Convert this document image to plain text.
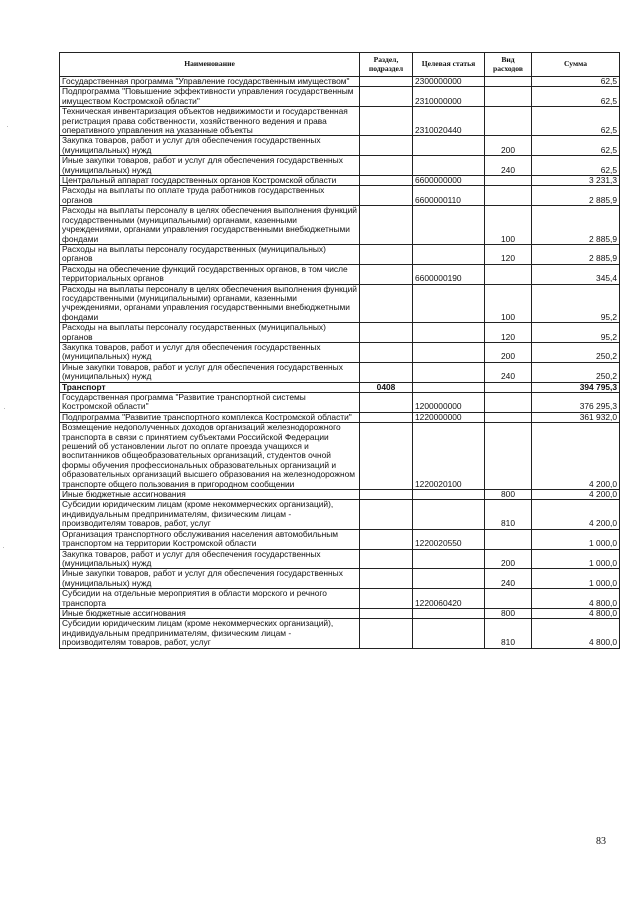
Наименование	Раздел, подраздел	Целевая статья	Вид расходов	Сумма
Государственная программа "Управление государственным имуществом"		2300000000		62,5
Подпрограмма "Повышение эффективности управления государственным имуществом Костромской области"		2310000000		62,5
Техническая инвентаризация объектов недвижимости и государственная регистрация права собственности, хозяйственного ведения и права оперативного управления на указанные объекты		2310020440		62,5
Закупка товаров, работ и услуг для обеспечения государственных (муниципальных) нужд			200	62,5
Иные закупки товаров, работ и услуг для обеспечения государственных (муниципальных) нужд			240	62,5
Центральный аппарат государственных органов Костромской области		6600000000		3 231,3
Расходы на выплаты по оплате труда работников государственных органов		6600000110		2 885,9
Расходы на выплаты персоналу в целях обеспечения выполнения функций государственными (муниципальными) органами, казенными учреждениями, органами управления государственными внебюджетными фондами			100	2 885,9
Расходы на выплаты персоналу государственных (муниципальных) органов			120	2 885,9
Расходы на обеспечение функций государственных органов, в том числе территориальных органов		6600000190		345,4
Расходы на выплаты персоналу в целях обеспечения выполнения функций государственными (муниципальными) органами, казенными учреждениями, органами управления государственными внебюджетными фондами			100	95,2
Расходы на выплаты персоналу государственных (муниципальных) органов			120	95,2
Закупка товаров, работ и услуг для обеспечения государственных (муниципальных) нужд			200	250,2
Иные закупки товаров, работ и услуг для обеспечения государственных (муниципальных) нужд			240	250,2
Транспорт	0408			394 795,3
Государственная программа "Развитие транспортной системы Костромской области"		1200000000		376 295,3
Подпрограмма "Развитие транспортного комплекса Костромской области"		1220000000		361 932,0
Возмещение недополученных доходов организаций железнодорожного транспорта в связи с принятием субъектами Российской Федерации решений об установлении льгот по оплате проезда учащихся и воспитанников общеобразовательных организаций, студентов очной формы обучения профессиональных образовательных организаций и образовательных организаций высшего образования на железнодорожном транспорте общего пользования в пригородном сообщении		1220020100		4 200,0
Иные бюджетные ассигнования			800	4 200,0
Субсидии юридическим лицам (кроме некоммерческих организаций), индивидуальным предпринимателям, физическим лицам - производителям товаров, работ, услуг			810	4 200,0
Организация транспортного обслуживания населения автомобильным транспортом на территории Костромской области		1220020550		1 000,0
Закупка товаров, работ и услуг для обеспечения государственных (муниципальных) нужд			200	1 000,0
Иные закупки товаров, работ и услуг для обеспечения государственных (муниципальных) нужд			240	1 000,0
Субсидии на отдельные мероприятия в области морского и речного транспорта		1220060420		4 800,0
Иные бюджетные ассигнования			800	4 800,0
Субсидии юридическим лицам (кроме некоммерческих организаций), индивидуальным предпринимателям, физическим лицам - производителям товаров, работ, услуг			810	4 800,0
83
